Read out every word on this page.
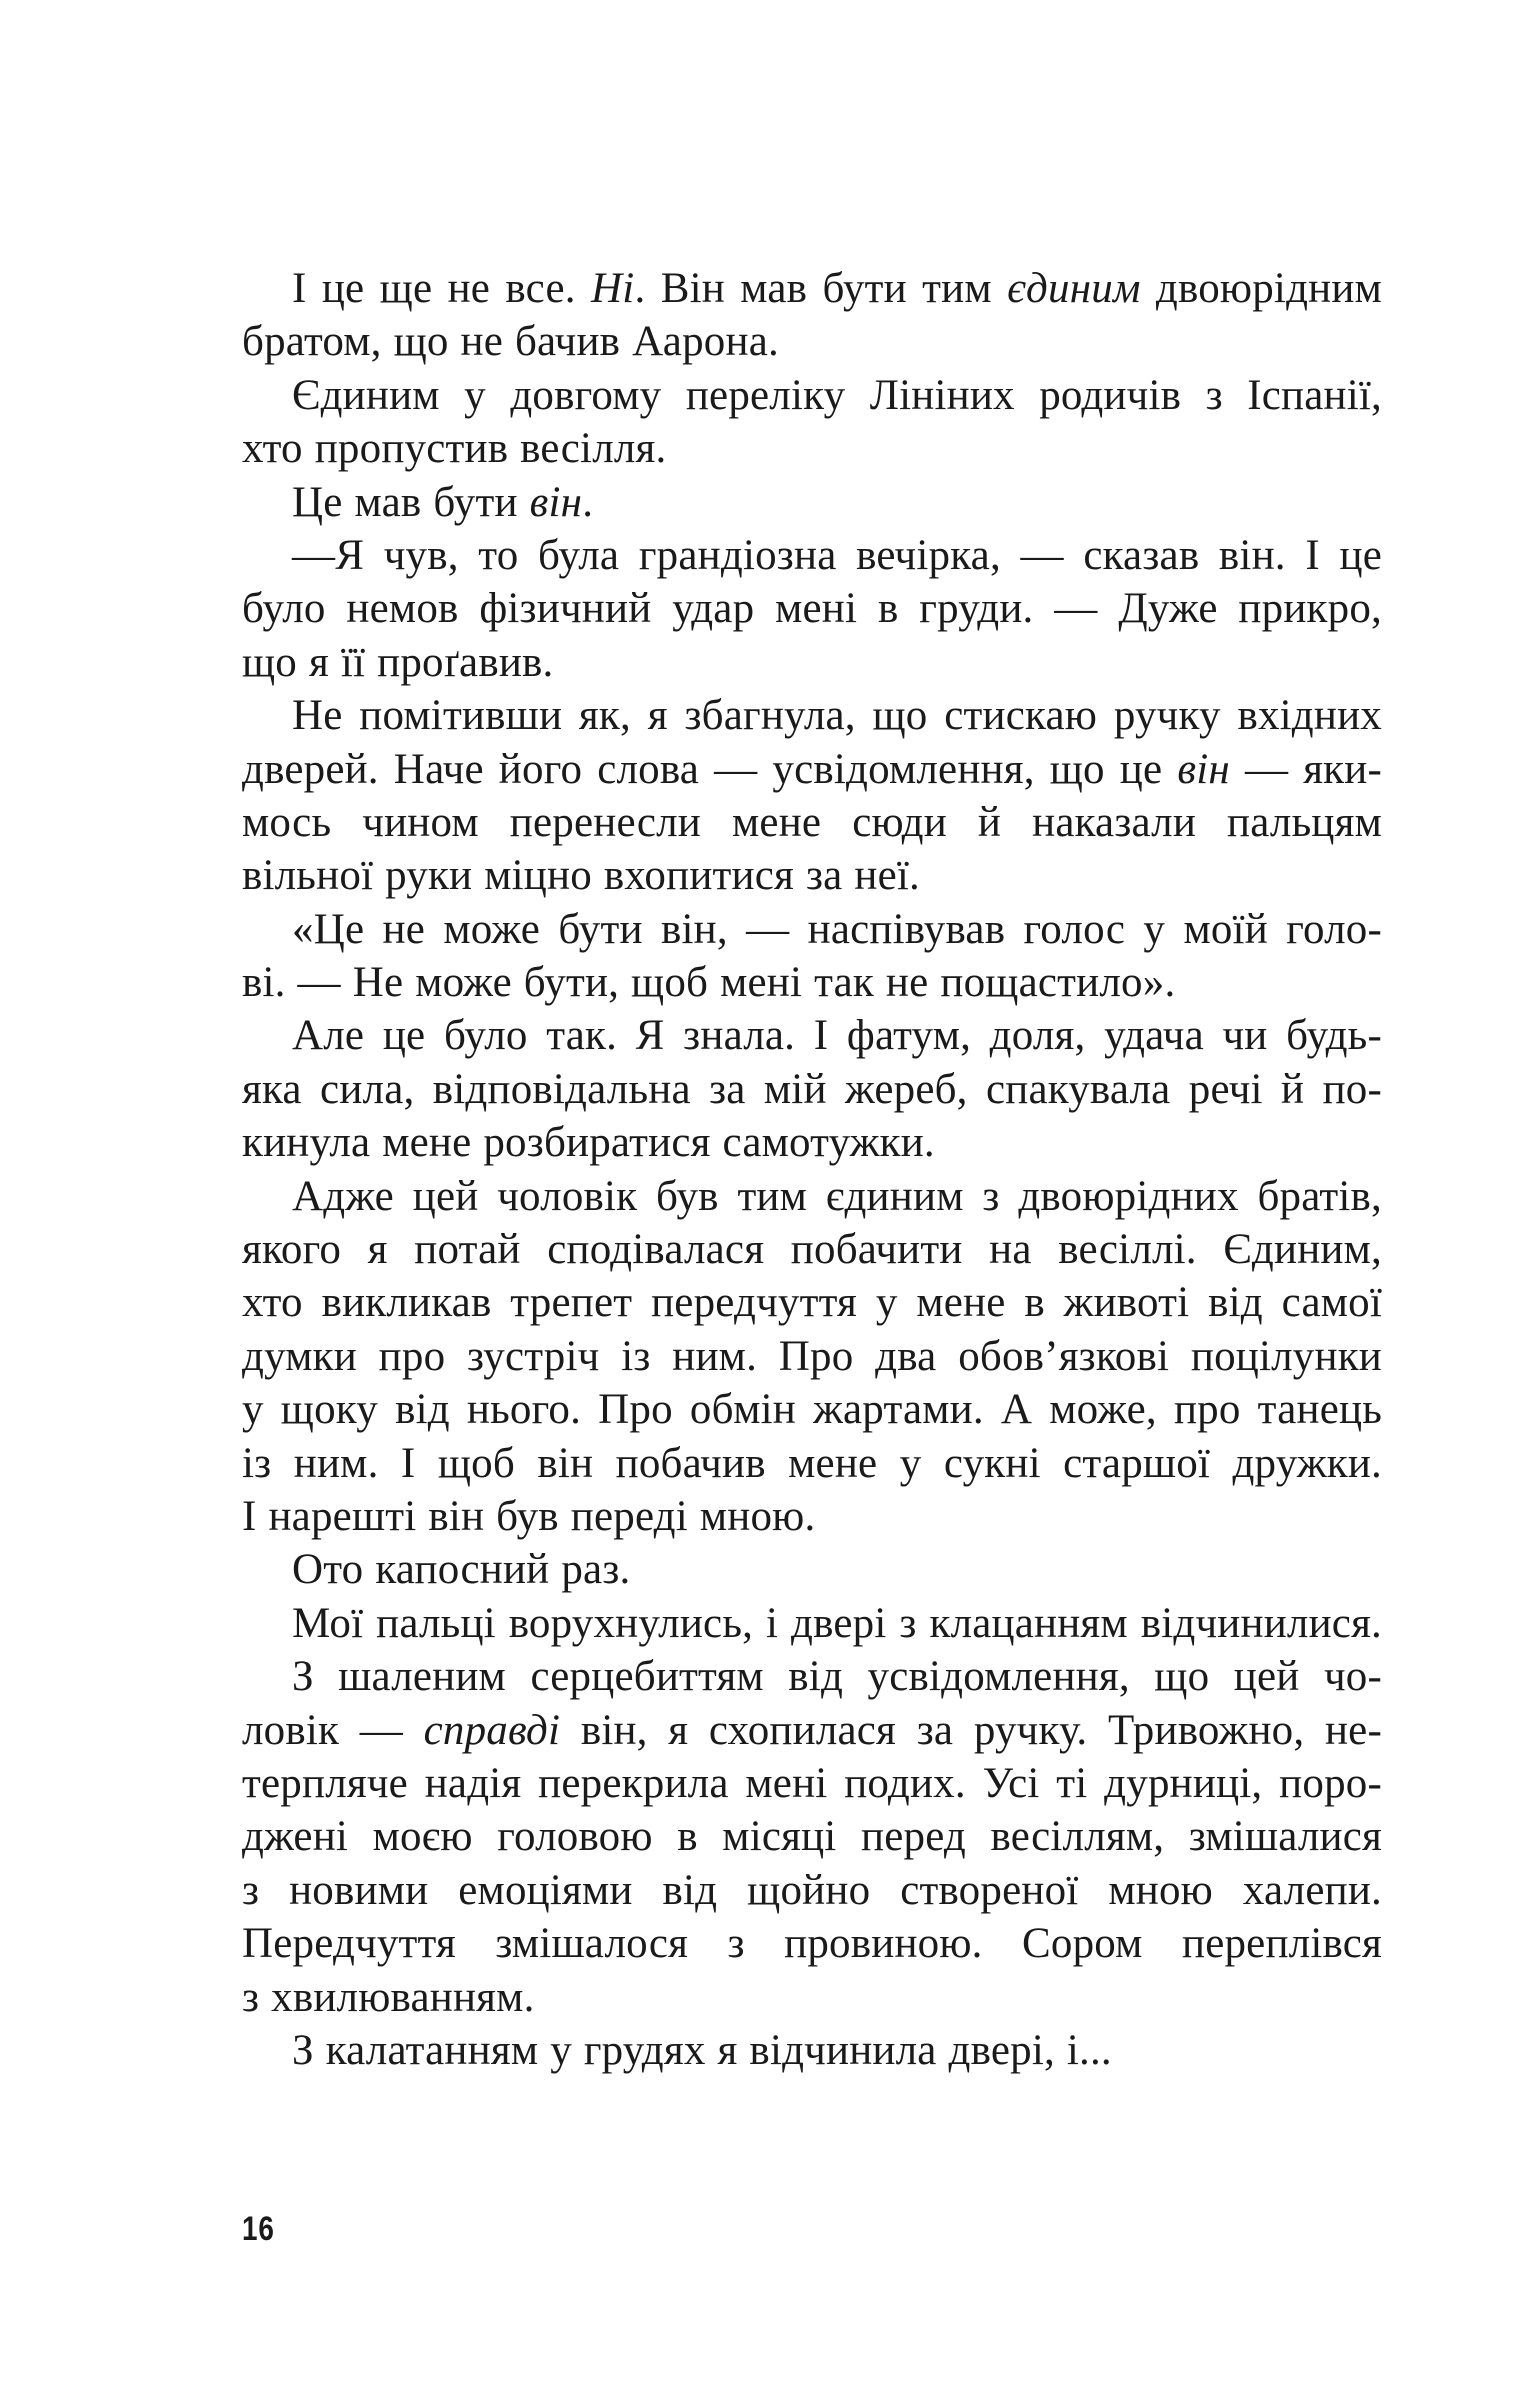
І це ще не все. Ні. Він мав бути тим єдиним двоюрідним
братом, що не бачив Аарона.
Єдиним у довгому переліку Лініних родичів з Іспанії,
хто пропустив весілля.
Це мав бути він.
—Я чув, то була грандіозна вечірка, — сказав він. І це
було немов фізичний удар мені в груди. — Дуже прикро,
що я її проґавив.
Не помітивши як, я збагнула, що стискаю ручку вхідних
дверей. Наче його слова — усвідомлення, що це він — яки-
мось чином перенесли мене сюди й наказали пальцям
вільної руки міцно вхопитися за неї.
«Це не може бути він, — наспівував голос у моїй голо-
ві. — Не може бути, щоб мені так не пощастило».
Але це було так. Я знала. І фатум, доля, удача чи будь-
яка сила, відповідальна за мій жереб, спакувала речі й по-
кинула мене розбиратися самотужки.
Адже цей чоловік був тим єдиним з двоюрідних братів,
якого я потай сподівалася побачити на весіллі. Єдиним,
хто викликав трепет передчуття у мене в животі від самої
думки про зустріч із ним. Про два обов’язкові поцілунки
у щоку від нього. Про обмін жартами. А може, про танець
із ним. І щоб він побачив мене у сукні старшої дружки.
І нарешті він був переді мною.
Ото капосний раз.
Мої пальці ворухнулись, і двері з клацанням відчинилися.
З шаленим серцебиттям від усвідомлення, що цей чо-
ловік — справді він, я схопилася за ручку. Тривожно, не-
терпляче надія перекрила мені подих. Усі ті дурниці, поро-
джені моєю головою в місяці перед весіллям, змішалися
з новими емоціями від щойно створеної мною халепи.
Передчуття змішалося з провиною. Сором переплівся
з хвилюванням.
З калатанням у грудях я відчинила двері, і...
16
